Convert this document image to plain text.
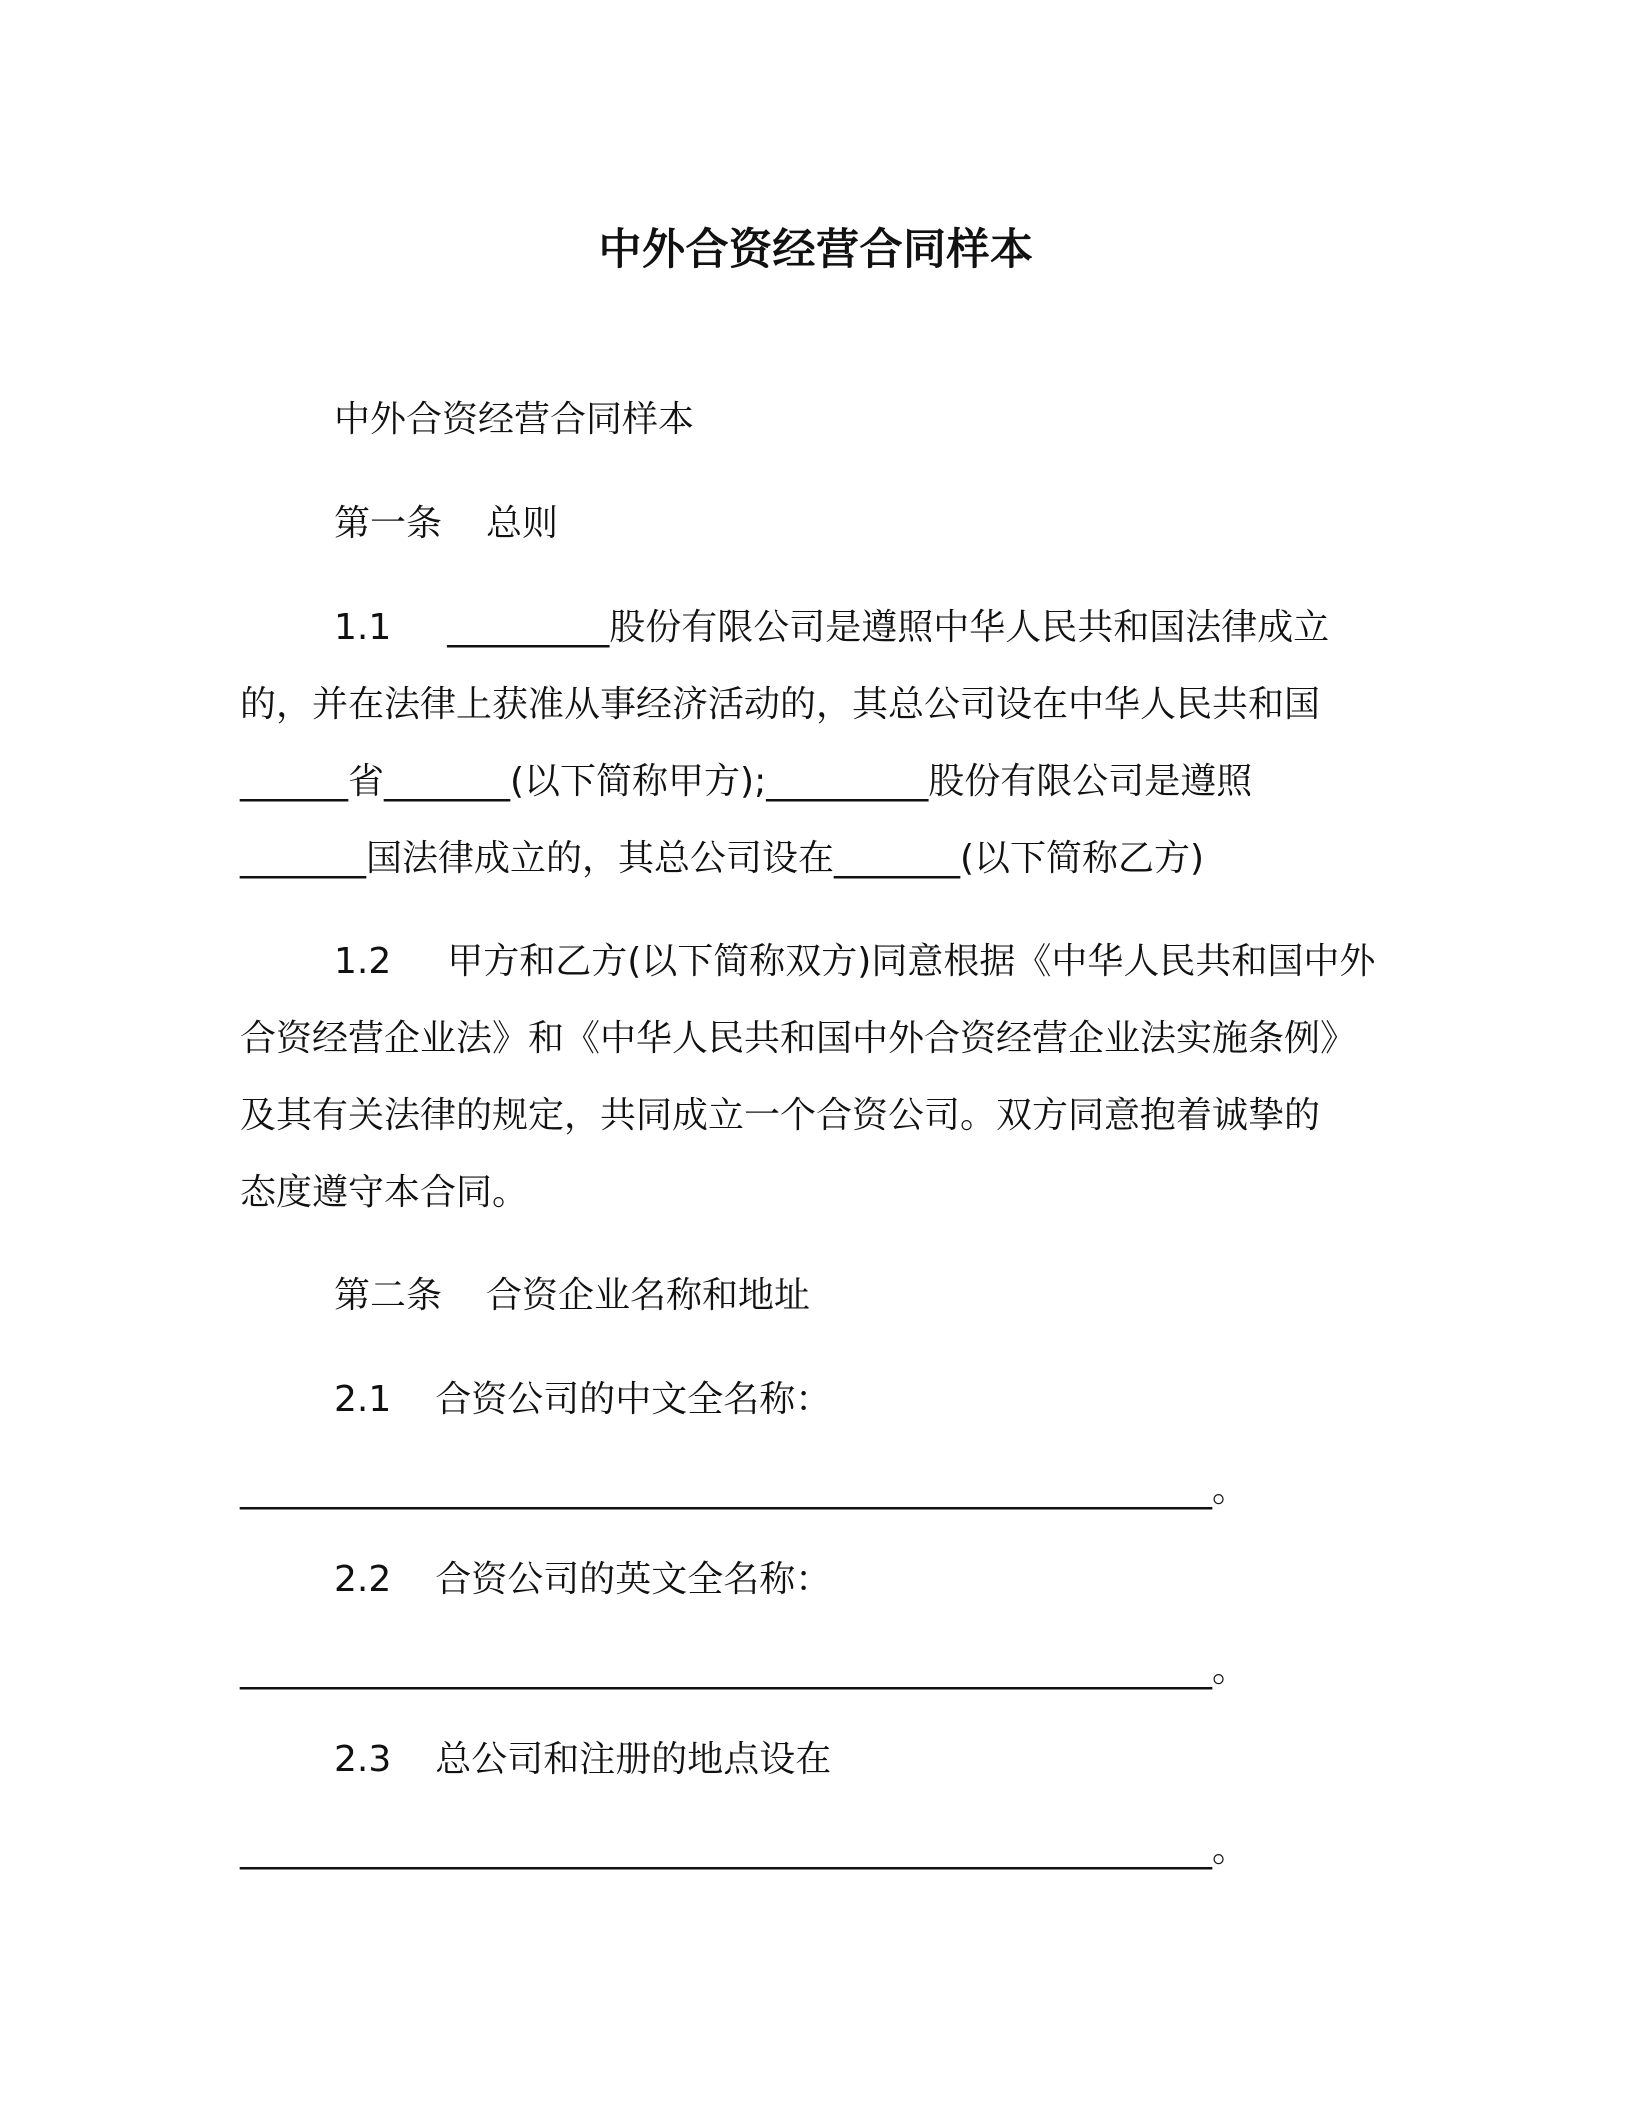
中外合资经营合同样本
中外合资经营合同样本
第一条 总则
1.1 _________股份有限公司是遵照中华人民共和国法律成立
的，并在法律上获准从事经济活动的，其总公司设在中华人民共和国
______省_______(以下简称甲方);_________股份有限公司是遵照
_______国法律成立的，其总公司设在_______(以下简称乙方)
1.2 甲方和乙方(以下简称双方)同意根据《中华人民共和国中外
合资经营企业法》和《中华人民共和国中外合资经营企业法实施条例》
及其有关法律的规定，共同成立一个合资公司。双方同意抱着诚挚的
态度遵守本合同。
第二条 合资企业名称和地址
2.1 合资公司的中文全名称：
______________________________________________________。
2.2 合资公司的英文全名称：
______________________________________________________。
2.3 总公司和注册的地点设在
______________________________________________________。
